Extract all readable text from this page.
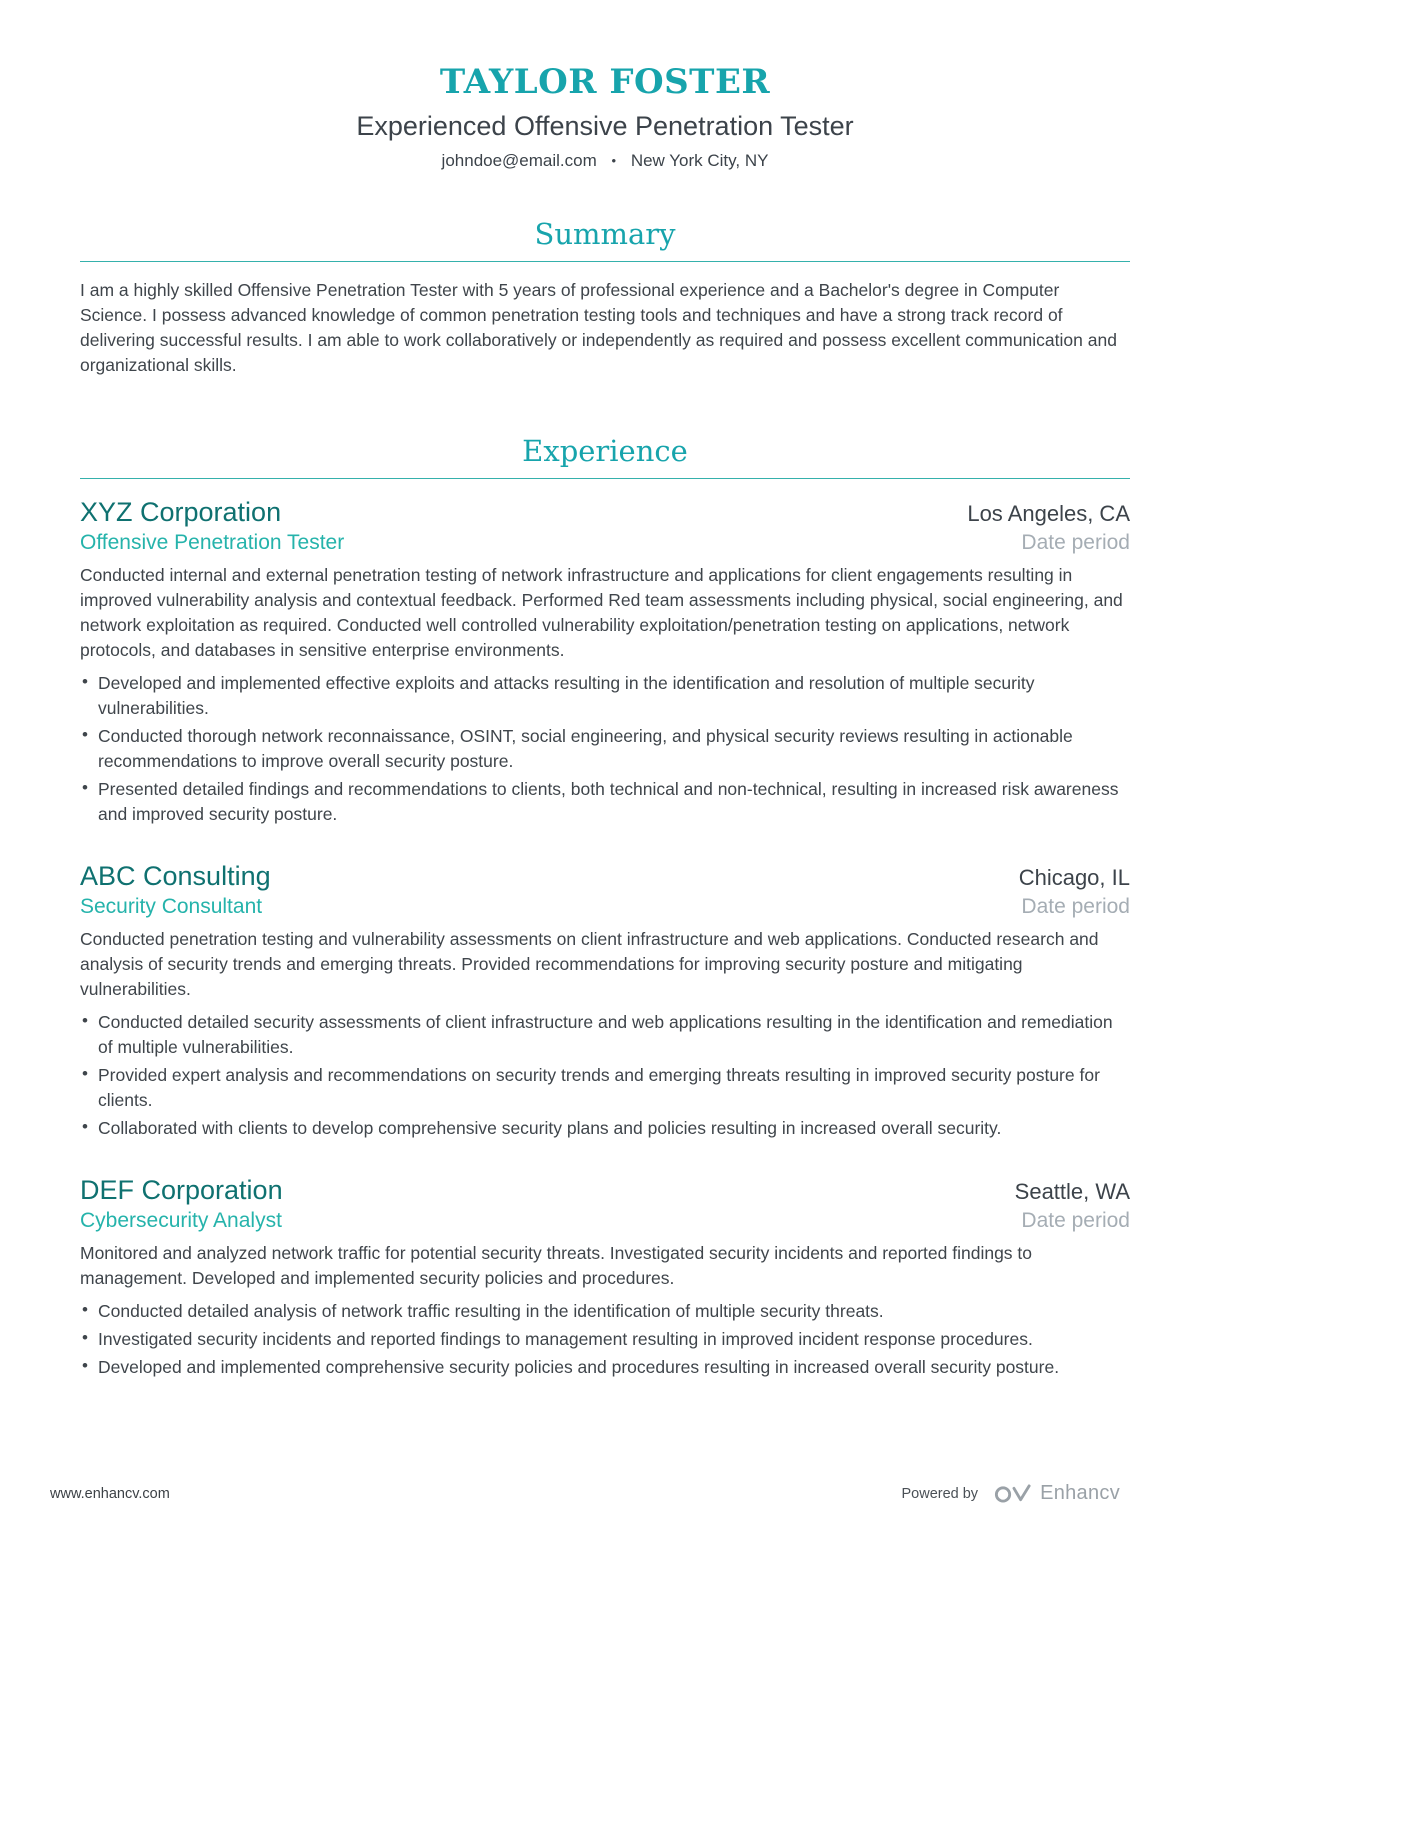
TAYLOR FOSTER
Experienced Offensive Penetration Tester
johndoe@email.com • New York City, NY
Summary

I am a highly skilled Offensive Penetration Tester with 5 years of professional experience and a Bachelor's degree in Computer Science. I possess advanced knowledge of common penetration testing tools and techniques and have a strong track record of delivering successful results. I am able to work collaboratively or independently as required and possess excellent communication and organizational skills.

Experience
XYZ Corporation	Los Angeles, CA
Offensive Penetration Tester	Date period

Conducted internal and external penetration testing of network infrastructure and applications for client engagements resulting in improved vulnerability analysis and contextual feedback. Performed Red team assessments including physical, social engineering, and network exploitation as required. Conducted well controlled vulnerability exploitation/penetration testing on applications, network protocols, and databases in sensitive enterprise environments.

• Developed and implemented effective exploits and attacks resulting in the identification and resolution of multiple security vulnerabilities.
• Conducted thorough network reconnaissance, OSINT, social engineering, and physical security reviews resulting in actionable recommendations to improve overall security posture.
• Presented detailed findings and recommendations to clients, both technical and non-technical, resulting in increased risk awareness and improved security posture.
ABC Consulting	Chicago, IL
Security Consultant	Date period

Conducted penetration testing and vulnerability assessments on client infrastructure and web applications. Conducted research and analysis of security trends and emerging threats. Provided recommendations for improving security posture and mitigating vulnerabilities.

• Conducted detailed security assessments of client infrastructure and web applications resulting in the identification and remediation of multiple vulnerabilities.
• Provided expert analysis and recommendations on security trends and emerging threats resulting in improved security posture for clients.
• Collaborated with clients to develop comprehensive security plans and policies resulting in increased overall security.
DEF Corporation	Seattle, WA
Cybersecurity Analyst	Date period

Monitored and analyzed network traffic for potential security threats. Investigated security incidents and reported findings to management. Developed and implemented security policies and procedures.

• Conducted detailed analysis of network traffic resulting in the identification of multiple security threats.
• Investigated security incidents and reported findings to management resulting in improved incident response procedures.
• Developed and implemented comprehensive security policies and procedures resulting in increased overall security posture.
www.enhancv.com	Powered by	Enhancv
